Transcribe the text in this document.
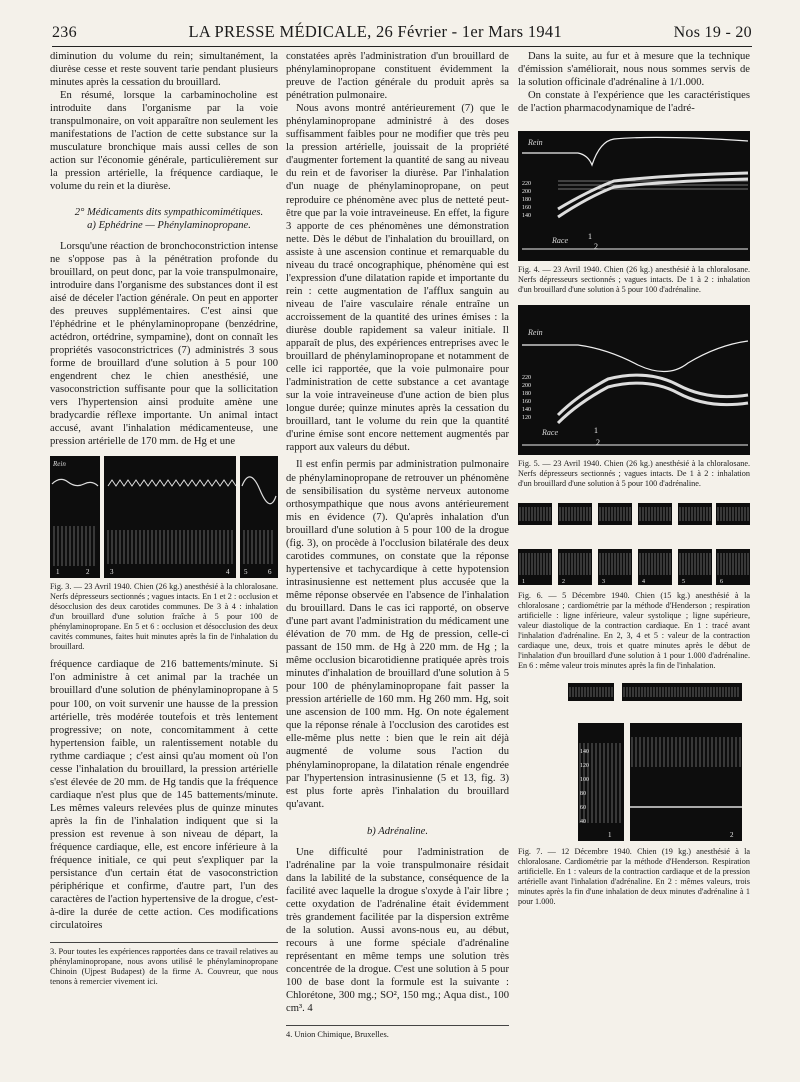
236	LA PRESSE MÉDICALE, 26 Février - 1er Mars 1941	Nos 19 - 20

diminution du volume du rein; simultanément, la diurèse cesse et reste souvent tarie pendant plusieurs minutes après la cessation du brouillard.

En résumé, lorsque la carbaminocholine est introduite dans l'organisme par la voie transpulmonaire, on voit apparaître non seulement les manifestations de l'action de cette substance sur la musculature bronchique mais aussi celles de son action sur l'économie générale, particulièrement sur la pression artérielle, la fréquence cardiaque, le volume du rein et la diurèse.

2° Médicaments dits sympathicomimétiques.

a) Ephédrine — Phénylaminopropane.

Lorsqu'une réaction de bronchoconstriction intense ne s'oppose pas à la pénétration profonde du brouillard, on peut donc, par la voie transpulmonaire, introduire dans l'organisme des substances dont il est aisé de déceler l'action générale. On peut en apporter des preuves supplémentaires. C'est ainsi que l'éphédrine et le phénylaminopropane (benzédrine, actédron, ortédrine, sympamine), dont on connaît les propriétés vasoconstrictrices (7) administrés 3 sous forme de brouillard d'une solution à 5 pour 100 engendrent chez le chien anesthésié, une vasoconstriction suffisante pour que la sollicitation vers l'hypertension ainsi produite amène une bradycardie réflexe importante. Un animal intact accusé, avant l'inhalation médicamenteuse, une pression artérielle de 170 mm. de Hg et une

Rein
1	2	3	4 5	6
Fig. 3. — 23 Avril 1940. Chien (26 kg.) anesthésié à la chloralosane. Nerfs dépresseurs sectionnés ; vagues intacts. En 1 et 2 : occlusion et désocclusion des deux carotides communes. De 3 à 4 : inhalation d'un brouillard d'une solution fraîche à 5 pour 100 de phénylaminopropane. En 5 et 6 : occlusion et désocclusion des deux cavités communes, faites huit minutes après la fin de l'inhalation du brouillard.

fréquence cardiaque de 216 battements/minute. Si l'on administre à cet animal par la trachée un brouillard d'une solution de phénylaminopropane à 5 pour 100, on voit survenir une hausse de la pression artérielle, très modérée toutefois et très lentement progressive; on note, concomitamment à cette hypertension faible, un ralentissement notable du rythme cardiaque ; c'est ainsi qu'au moment où l'on cesse l'inhalation du brouillard, la pression artérielle s'est élevée de 20 mm. de Hg tandis que la fréquence cardiaque n'est plus que de 145 battements/minute. Les mêmes valeurs relevées plus de quinze minutes après la fin de l'inhalation indiquent que si la pression est revenue à son niveau de départ, la fréquence cardiaque, elle, est encore inférieure à la fréquence initiale, ce qui peut s'expliquer par la persistance d'un certain état de vasoconstriction périphérique et confirme, d'autre part, l'un des caractères de l'action hypertensive de la drogue, c'est-à-dire la durée de cette action. Ces modifications circulatoires

3. Pour toutes les expériences rapportées dans ce travail relatives au phénylaminopropane, nous avons utilisé le phénylaminopropane Chinoin (Ujpest Budapest) de la firme A. Couvreur, que nous tenons à remercier vivement ici.

constatées après l'administration d'un brouillard de phénylaminopropane constituent évidemment la preuve de l'action générale du produit après sa pénétration pulmonaire.

Nous avons montré antérieurement (7) que le phénylaminopropane administré à des doses suffisamment faibles pour ne modifier que très peu la pression artérielle, jouissait de la propriété d'augmenter fortement la quantité de sang au niveau du rein et de favoriser la diurèse. Par l'inhalation d'un nuage de phénylaminopropane, on peut reproduire ce phénomène avec plus de netteté peut-être que par la voie intraveineuse. En effet, la figure 3 apporte de ces phénomènes une démonstration nette. Dès le début de l'inhalation du brouillard, on assiste à une ascension continue et remarquable du niveau du tracé oncographique, phénomène qui est l'expression d'une dilatation rapide et importante du rein : cette augmentation de l'afflux sanguin au niveau de l'aire vasculaire rénale entraîne un accroissement de la quantité des urines émises : la diurèse double rapidement sa valeur initiale. Il apparaît de plus, des expériences entreprises avec le brouillard de phénylaminopropane et notamment de celle ici rapportée, que la voie pulmonaire pour l'administration de cette substance a cet avantage sur la voie intraveineuse d'une action de bien plus longue durée; quinze minutes après la cessation du brouillard, tant le volume du rein que la quantité d'urine émise sont encore nettement augmentés par rapport aux valeurs du début.

Il est enfin permis par administration pulmonaire de phénylaminopropane de retrouver un phénomène de sensibilisation du système nerveux autonome orthosympathique que nous avons antérieurement mis en évidence (7). Qu'après inhalation d'un brouillard d'une solution à 5 pour 100 de la drogue (fig. 3), on procède à l'occlusion bilatérale des deux carotides communes, on constate que la réponse hypertensive et tachycardique à cette hypotension intrasinusienne est nettement plus accusée que la même réponse observée en l'absence de l'inhalation du brouillard. Dans le cas ici rapporté, on observe d'une part avant l'administration du médicament une élévation de 70 mm. de Hg de pression, celle-ci passant de 150 mm. de Hg à 220 mm. de Hg ; la même occlusion bicarotidienne pratiquée après trois minutes d'inhalation de brouillard d'une solution à 5 pour 100 de phénylaminopropane fait passer la pression artérielle de 160 mm. Hg 260 mm. Hg, soit une ascension de 100 mm. Hg. On note également que la réponse rénale à l'occlusion des carotides est elle-même plus nette : bien que le rein ait déjà augmenté de volume sous l'action du phénylaminopropane, la dilatation rénale engendrée par l'hypertension intrasinusienne (5 et 13, fig. 3) est plus forte après l'inhalation du brouillard qu'avant.

b) Adrénaline.

Une difficulté pour l'administration de l'adrénaline par la voie transpulmonaire résidait dans la labilité de la substance, conséquence de la facilité avec laquelle la drogue s'oxyde à l'air libre ; cette oxydation de l'adrénaline était évidemment très grandement facilitée par la dispersion extrême de la solution. Aussi avons-nous eu, au début, recours à une forme spéciale d'adrénaline représentant en même temps une solution très concentrée de la drogue. C'est une solution à 5 pour 100 de base dont la formule est la suivante : Chlorétone, 300 mg.; SO², 150 mg.; Aqua dist., 100 cm³. 4

4. Union Chimique, Bruxelles.

Dans la suite, au fur et à mesure que la technique d'émission s'améliorait, nous nous sommes servis de la solution officinale d'adrénaline à 1/1.000.

On constate à l'expérience que les caractéristiques de l'action pharmacodynamique de l'adré-

Rein
220
200
180
160
140
Race	1
2
Fig. 4. — 23 Avril 1940. Chien (26 kg.) anesthésié à la chloralosane. Nerfs dépresseurs sectionnés ; vagues intacts. De 1 à 2 : inhalation d'un brouillard d'une solution à 5 pour 100 d'adrénaline.
Rein
220
200
180
160
140
120
Race	1
2
Fig. 5. — 23 Avril 1940. Chien (26 kg.) anesthésié à la chloralosane. Nerfs dépresseurs sectionnés ; vagues intacts. De 1 à 2 : inhalation d'un brouillard d'une solution à 5 pour 100 d'adrénaline.
1	2	3	4	5	6
Fig. 6. — 5 Décembre 1940. Chien (15 kg.) anesthésié à la chloralosane ; cardiométrie par la méthode d'Henderson ; respiration artificielle : ligne inférieure, valeur systolique ; ligne supérieure, valeur diastolique de la contraction cardiaque. En 1 : tracé avant l'inhalation d'adrénaline. En 2, 3, 4 et 5 : valeur de la contraction cardiaque une, deux, trois et quatre minutes après le début de l'inhalation d'un brouillard d'une solution à 1 pour 1.000 d'adrénaline. En 6 : même valeur trois minutes après la fin de l'inhalation.
140
120
100
80
60
40
1	2
Fig. 7. — 12 Décembre 1940. Chien (19 kg.) anesthésié à la chloralosane. Cardiométrie par la méthode d'Henderson. Respiration artificielle. En 1 : valeurs de la contraction cardiaque et de la pression artérielle avant l'inhalation d'adrénaline. En 2 : mêmes valeurs, trois minutes après la fin d'une inhalation de deux minutes d'adrénaline à 1 pour 1.000.
